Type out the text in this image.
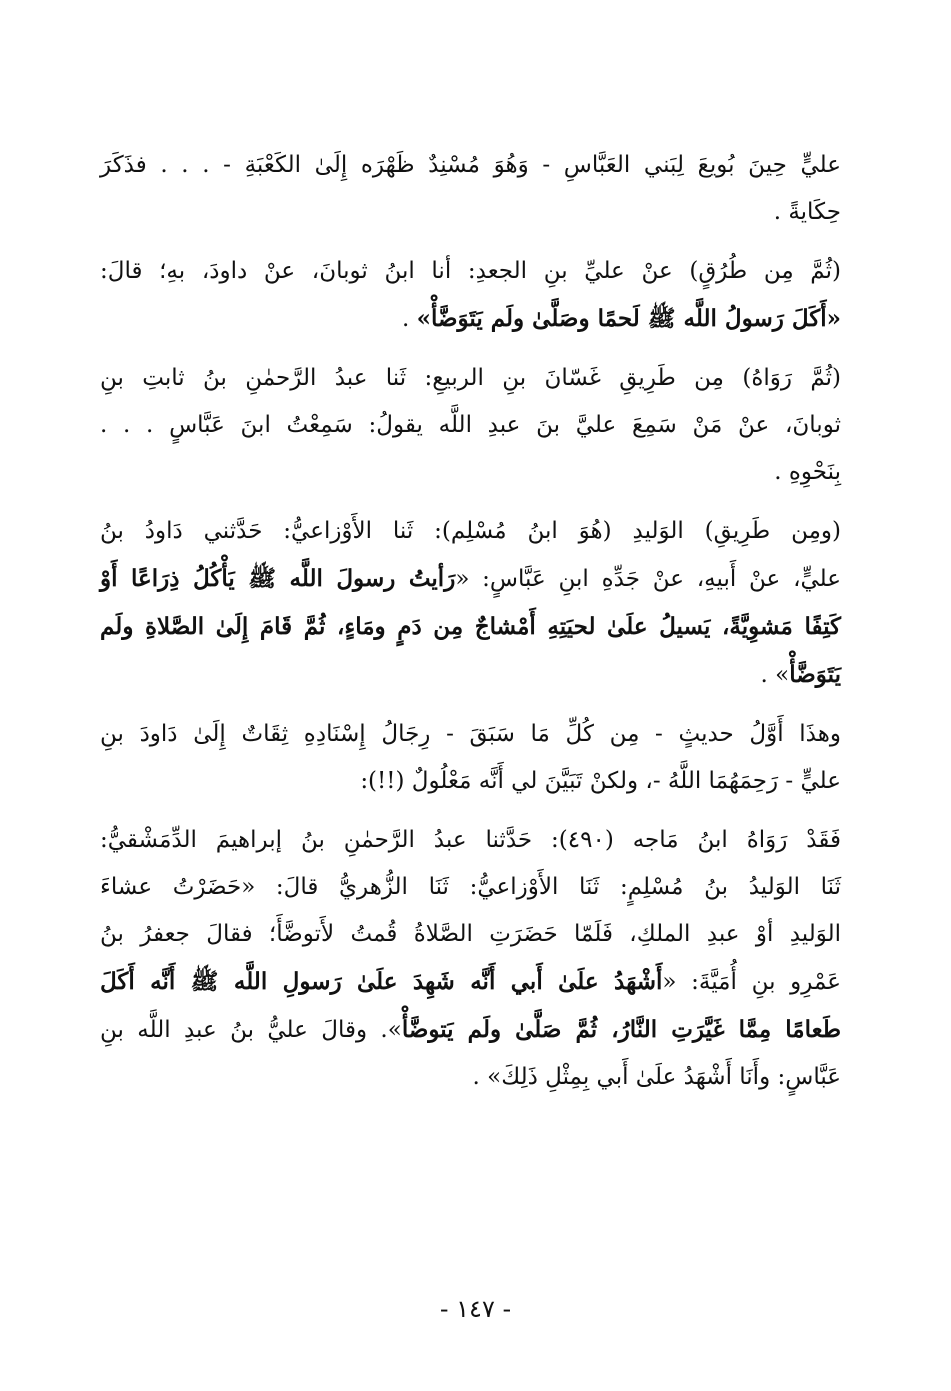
عليٍّ حِينَ بُويعَ لِبَني العَبَّاسِ - وَهُوَ مُسْنِدٌ ظَهْرَه إِلَىٰ الكَعْبَةِ - . . . فذَكَرَ
حِكَايةً .
(ثُمَّ مِن طُرُقٍ) عنْ عليِّ بنِ الجعدِ: أنا ابنُ ثوبانَ، عنْ داودَ، بهِ؛ قالَ:
«أَكَلَ رَسولُ اللَّه ﷺ لَحمًا وصَلَّىٰ ولَم يَتَوَضَّأْ» .
(ثُمَّ رَوَاهُ) مِن طَرِيقِ غَسّانَ بنِ الربيعِ: ثَنا عبدُ الرَّحمٰنِ بنُ ثابتِ بنِ
ثوبانَ، عنْ مَنْ سَمِعَ عليَّ بنَ عبدِ اللَّه يقولُ: سَمِعْتُ ابنَ عَبَّاسٍ . . .
بِنَحْوِهِ .
(ومِن طَرِيقِ) الوَليدِ (هُوَ ابنُ مُسْلِم): ثَنا الأَوْزاعيُّ: حَدَّثني دَاودُ بنُ
عليٍّ، عنْ أَبيهِ، عنْ جَدِّهِ ابنِ عَبَّاسٍ: «رَأيتُ رسولَ اللَّه ﷺ يَأْكُلُ ذِرَاعًا أَوْ
كَتِفًا مَشوِيَّةً، يَسيلُ علَىٰ لحيَتِهِ أَمْشاجٌ مِن دَمٍ ومَاءٍ، ثُمَّ قَامَ إِلَىٰ الصَّلاةِ ولَم
يَتَوَضَّأْ» .
وهذَا أَوَّلُ حديثٍ - مِن كُلِّ مَا سَبَقَ - رِجَالُ إِسْنَادِهِ ثِقَاتٌ إِلَىٰ دَاودَ بنِ
عليٍّ - رَحِمَهُمَا اللَّهُ -، ولكنْ تَبَيَّنَ لي أَنَّه مَعْلُولٌ (!!):
فَقَدْ رَوَاهُ ابنُ مَاجه (٤٩٠): حَدَّثنا عبدُ الرَّحمٰنِ بنُ إبراهيمَ الدِّمَشْقيُّ:
ثَنَا الوَليدُ بنُ مُسْلِمٍ: ثَنَا الأَوْزاعيُّ: ثَنَا الزُّهريُّ قالَ: «حَضَرْتُ عشاءَ
الوَليدِ أوْ عبدِ الملكِ، فَلَمّا حَضَرَتِ الصَّلاةُ قُمتُ لأَتوضَّأَ؛ فقالَ جعفرُ بنُ
عَمْرِو بنِ أُمَيَّةَ: «أَشْهَدُ علَىٰ أَبي أَنَّه شَهِدَ علَىٰ رَسولِ اللَّه ﷺ أَنَّه أَكَلَ
طَعامًا مِمَّا غَيَّرَتِ النَّارُ، ثُمَّ صَلَّىٰ ولَم يَتوضَّأْ». وقالَ عليُّ بنُ عبدِ اللَّه بنِ
عَبَّاسٍ: وأَنَا أَشْهَدُ علَىٰ أَبي بِمِثْلِ ذَلِكَ» .
- ١٤٧ -
